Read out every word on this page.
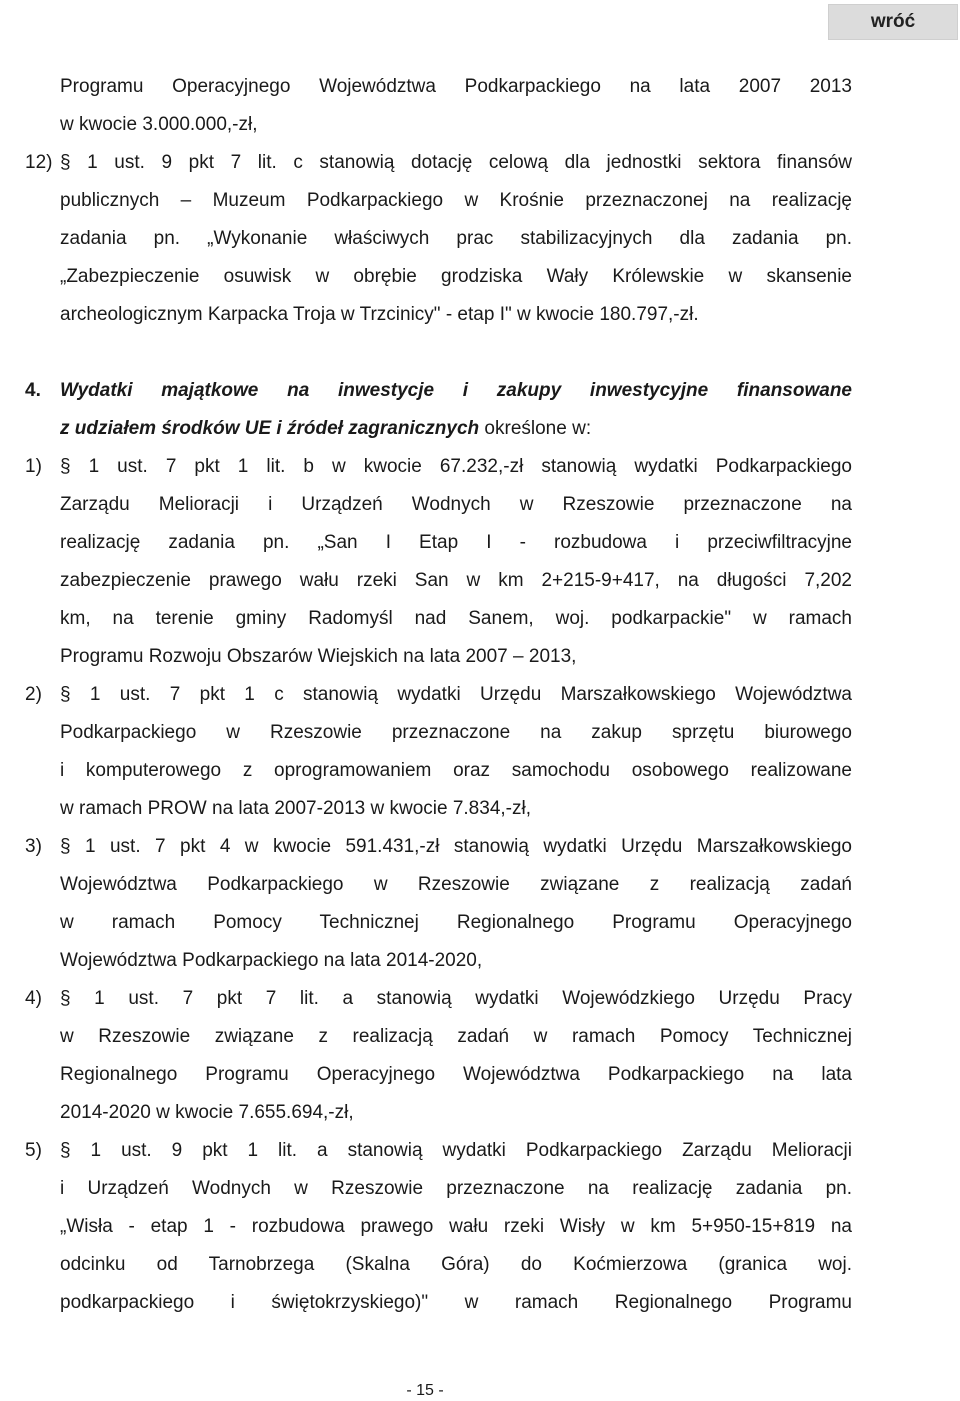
wróć
Programu Operacyjnego Województwa Podkarpackiego na lata 2007 2013
w kwocie 3.000.000,-zł,
12) § 1 ust. 9 pkt 7 lit. c stanowią dotację celową dla jednostki sektora finansów
publicznych – Muzeum Podkarpackiego w Krośnie przeznaczonej na realizację
zadania pn. „Wykonanie właściwych prac stabilizacyjnych dla zadania pn.
„Zabezpieczenie osuwisk w obrębie grodziska Wały Królewskie w skansenie
archeologicznym Karpacka Troja w Trzcinicy" - etap I" w kwocie 180.797,-zł.
4. Wydatki majątkowe na inwestycje i zakupy inwestycyjne finansowane
z udziałem środków UE i źródeł zagranicznych określone w:
1) § 1 ust. 7 pkt 1 lit. b w kwocie 67.232,-zł stanowią wydatki Podkarpackiego
Zarządu Melioracji i Urządzeń Wodnych w Rzeszowie przeznaczone na
realizację zadania pn. „San I Etap I - rozbudowa i przeciwfiltracyjne
zabezpieczenie prawego wału rzeki San w km 2+215-9+417, na długości 7,202
km, na terenie gminy Radomyśl nad Sanem, woj. podkarpackie" w ramach
Programu Rozwoju Obszarów Wiejskich na lata 2007 – 2013,
2) § 1 ust. 7 pkt 1 c stanowią wydatki Urzędu Marszałkowskiego Województwa
Podkarpackiego w Rzeszowie przeznaczone na zakup sprzętu biurowego
i komputerowego z oprogramowaniem oraz samochodu osobowego realizowane
w ramach PROW na lata 2007-2013 w kwocie 7.834,-zł,
3) § 1 ust. 7 pkt 4 w kwocie 591.431,-zł stanowią wydatki Urzędu Marszałkowskiego
Województwa Podkarpackiego w Rzeszowie związane z realizacją zadań
w ramach Pomocy Technicznej Regionalnego Programu Operacyjnego
Województwa Podkarpackiego na lata 2014-2020,
4) § 1 ust. 7 pkt 7 lit. a stanowią wydatki Wojewódzkiego Urzędu Pracy
w Rzeszowie związane z realizacją zadań w ramach Pomocy Technicznej
Regionalnego Programu Operacyjnego Województwa Podkarpackiego na lata
2014-2020 w kwocie 7.655.694,-zł,
5) § 1 ust. 9 pkt 1 lit. a stanowią wydatki Podkarpackiego Zarządu Melioracji
i Urządzeń Wodnych w Rzeszowie przeznaczone na realizację zadania pn.
„Wisła - etap 1 - rozbudowa prawego wału rzeki Wisły w km 5+950-15+819 na
odcinku od Tarnobrzega (Skalna Góra) do Koćmierzowa (granica woj.
podkarpackiego i świętokrzyskiego)" w ramach Regionalnego Programu
- 15 -
